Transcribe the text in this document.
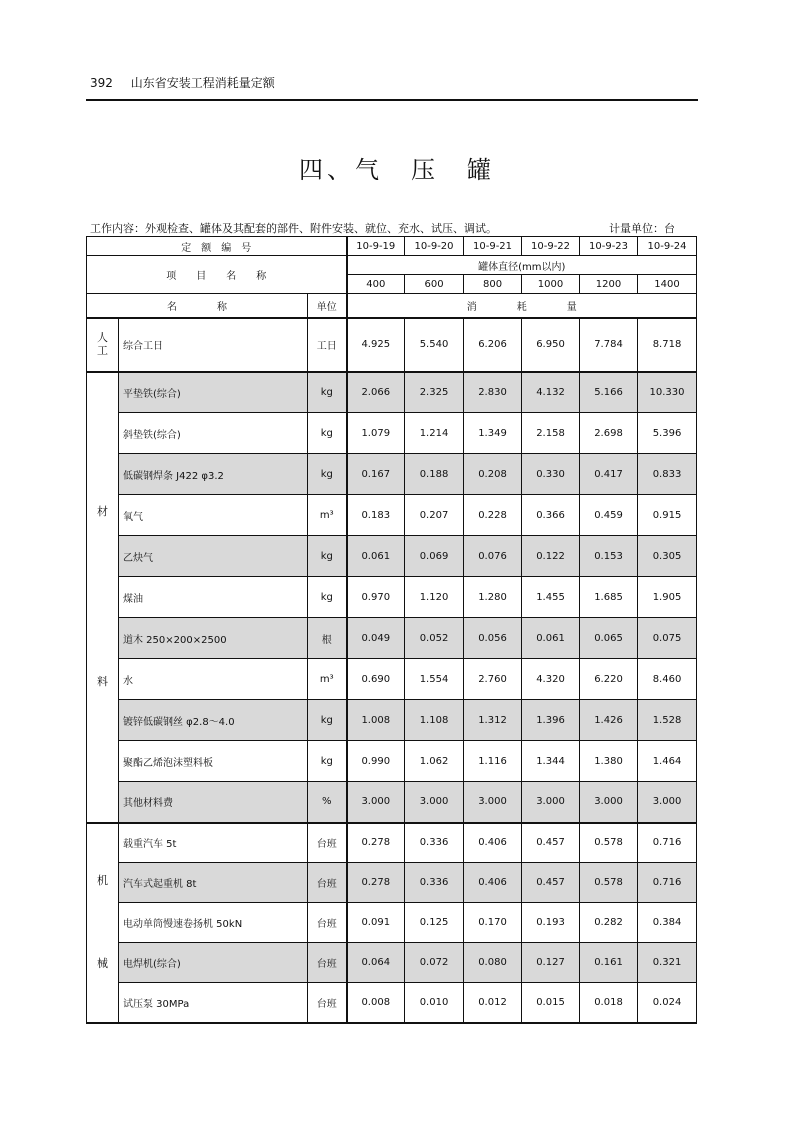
392 山东省安装工程消耗量定额
四、气　压　罐
工作内容：外观检查、罐体及其配套的部件、附件安装、就位、充水、试压、调试。	计量单位：台
定　额　编　号			10-9-19	10-9-20	10-9-21	10-9-22	10-9-23	10-9-24
项　　目　　名　　称			罐体直径(mm以内)					
			400	600	800	1000	1200	1400
名　　　　称		单位	消　　　　耗　　　　量					

人
工	综合工日	工日	4.925	5.540	6.206	6.950	7.784	8.718

材
料	平垫铁(综合)	kg	2.066	2.325	2.830	4.132	5.166	10.330
	斜垫铁(综合)	kg	1.079	1.214	1.349	2.158	2.698	5.396
	低碳钢焊条 J422 φ3.2	kg	0.167	0.188	0.208	0.330	0.417	0.833
	氧气	m³	0.183	0.207	0.228	0.366	0.459	0.915
	乙炔气	kg	0.061	0.069	0.076	0.122	0.153	0.305
	煤油	kg	0.970	1.120	1.280	1.455	1.685	1.905
	道木 250×200×2500	根	0.049	0.052	0.056	0.061	0.065	0.075
	水	m³	0.690	1.554	2.760	4.320	6.220	8.460
	镀锌低碳钢丝 φ2.8～4.0	kg	1.008	1.108	1.312	1.396	1.426	1.528
	聚酯乙烯泡沫塑料板	kg	0.990	1.062	1.116	1.344	1.380	1.464
	其他材料费	%	3.000	3.000	3.000	3.000	3.000	3.000

机
械	载重汽车 5t	台班	0.278	0.336	0.406	0.457	0.578	0.716
	汽车式起重机 8t	台班	0.278	0.336	0.406	0.457	0.578	0.716
	电动单筒慢速卷扬机 50kN	台班	0.091	0.125	0.170	0.193	0.282	0.384
	电焊机(综合)	台班	0.064	0.072	0.080	0.127	0.161	0.321
	试压泵 30MPa	台班	0.008	0.010	0.012	0.015	0.018	0.024
